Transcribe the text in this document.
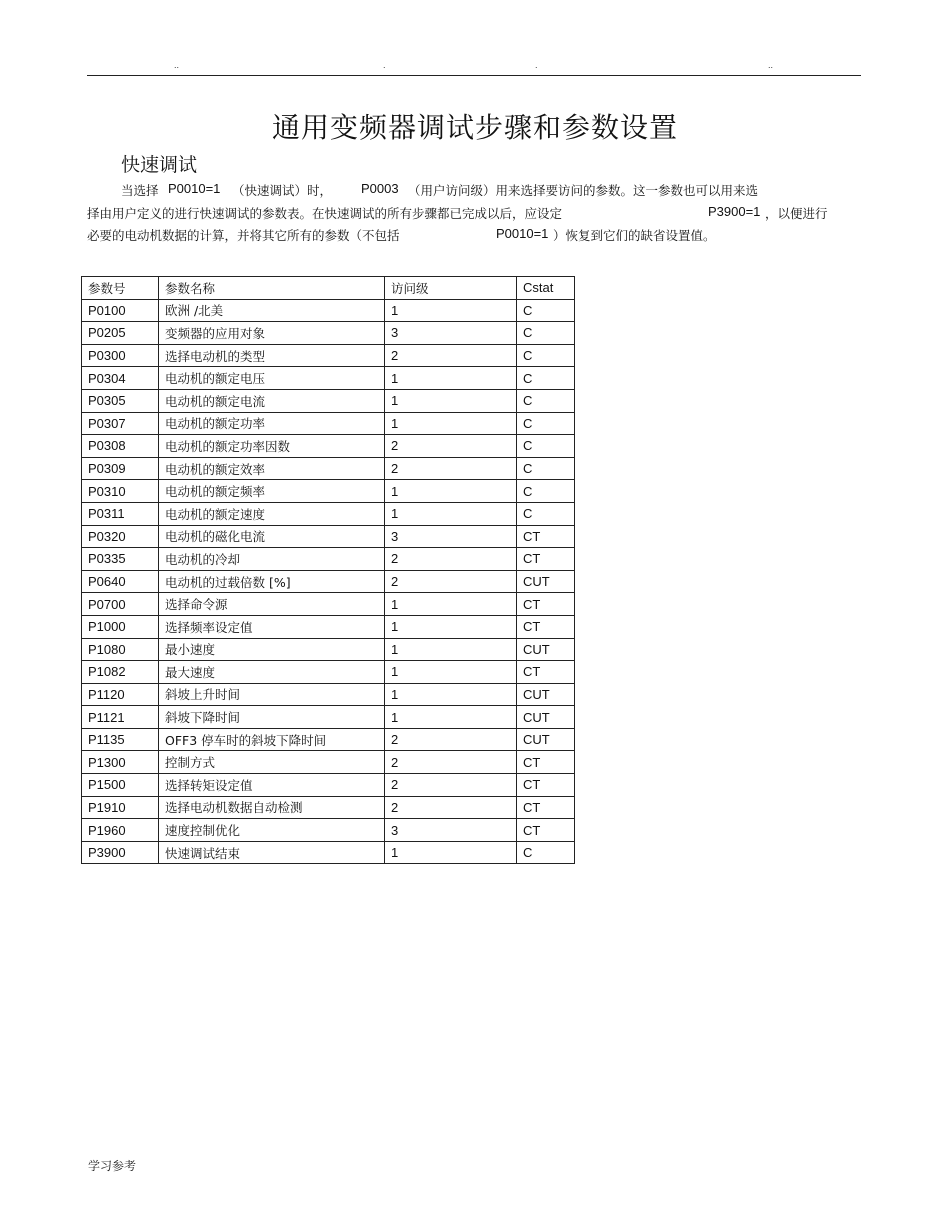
..	.	.	..
通用变频器调试步骤和参数设置
快速调试
当选择 P0010=1 （快速调试）时， P0003 （用户访问级）用来选择要访问的参数。这一参数也可以用来选
择由用户定义的进行快速调试的参数表。在快速调试的所有步骤都已完成以后，应设定	P3900=1 ，以便进行
必要的电动机数据的计算，并将其它所有的参数（不包括	P0010=1 ）恢复到它们的缺省设置值。
参数号	参数名称	访问级	Cstat
P0100	欧洲 /北美	1	C
P0205	变频器的应用对象	3	C
P0300	选择电动机的类型	2	C
P0304	电动机的额定电压	1	C
P0305	电动机的额定电流	1	C
P0307	电动机的额定功率	1	C
P0308	电动机的额定功率因数	2	C
P0309	电动机的额定效率	2	C
P0310	电动机的额定频率	1	C
P0311	电动机的额定速度	1	C
P0320	电动机的磁化电流	3	CT
P0335	电动机的冷却	2	CT
P0640	电动机的过载倍数 [%]	2	CUT
P0700	选择命令源	1	CT
P1000	选择频率设定值	1	CT
P1080	最小速度	1	CUT
P1082	最大速度	1	CT
P1120	斜坡上升时间	1	CUT
P1121	斜坡下降时间	1	CUT
P1135	OFF3 停车时的斜坡下降时间	2	CUT
P1300	控制方式	2	CT
P1500	选择转矩设定值	2	CT
P1910	选择电动机数据自动检测	2	CT
P1960	速度控制优化	3	CT
P3900	快速调试结束	1	C
学习参考
